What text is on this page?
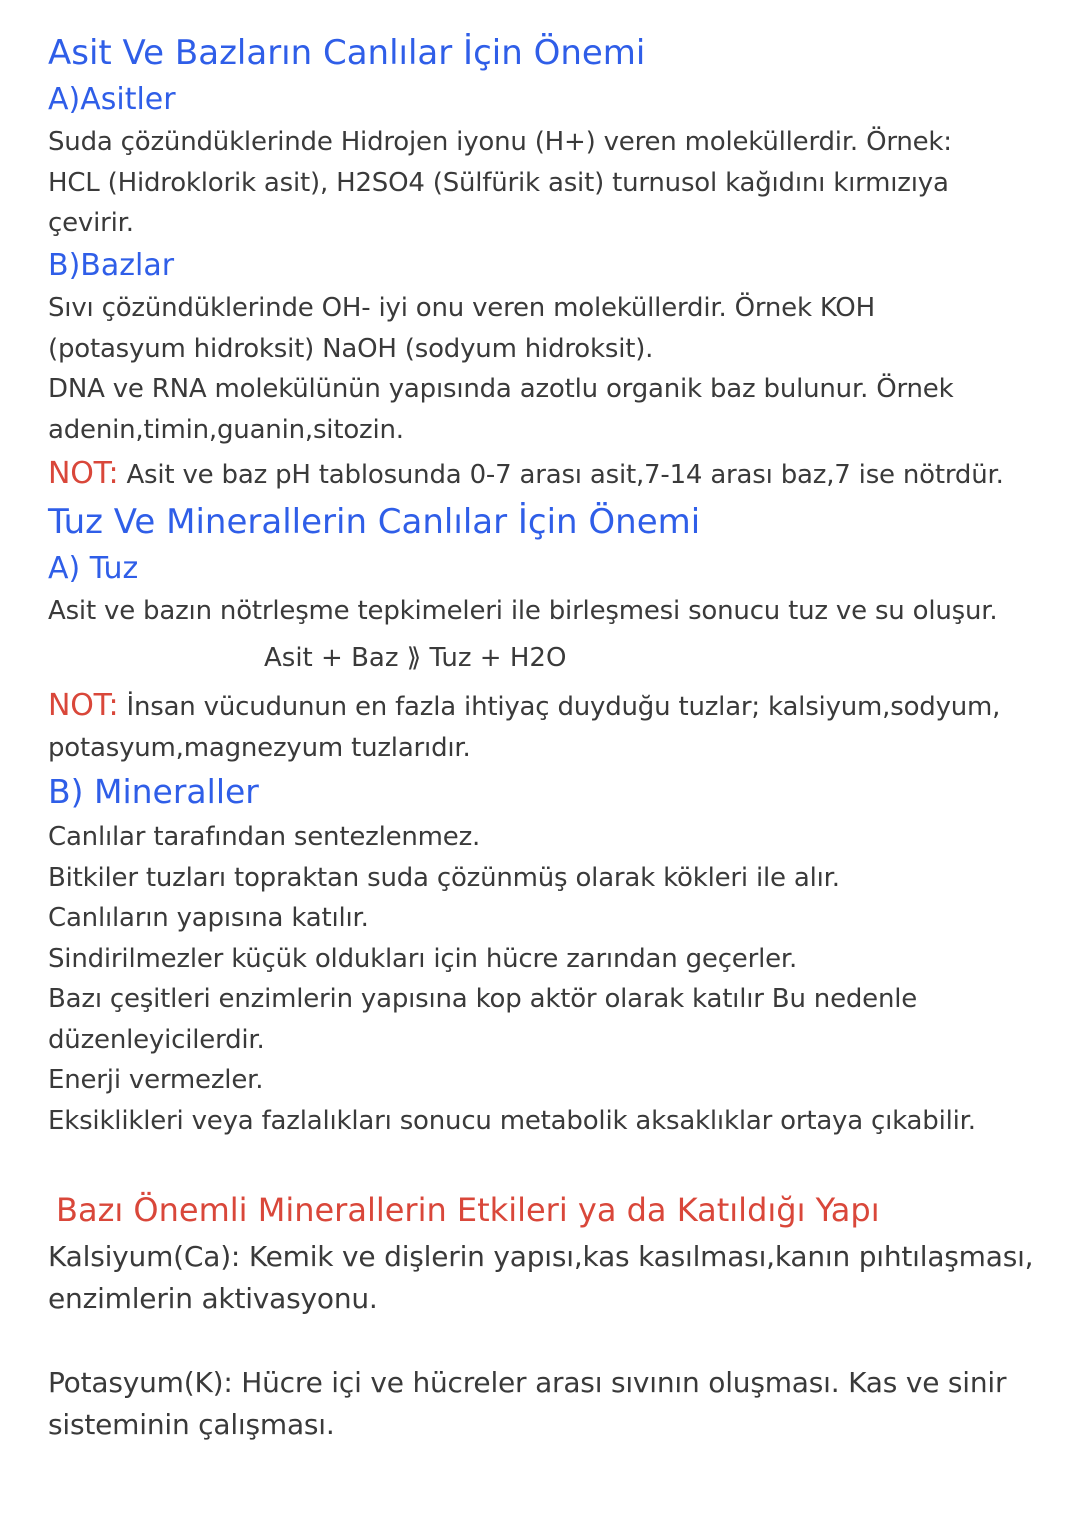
Asit Ve Bazların Canlılar İçin Önemi
A)Asitler
Suda çözündüklerinde Hidrojen iyonu (H+) veren moleküllerdir. Örnek:
HCL (Hidroklorik asit), H2SO4 (Sülfürik asit) turnusol kağıdını kırmızıya
çevirir.
B)Bazlar
Sıvı çözündüklerinde OH- iyi onu veren moleküllerdir. Örnek KOH
(potasyum hidroksit) NaOH (sodyum hidroksit).
DNA ve RNA molekülünün yapısında azotlu organik baz bulunur. Örnek
adenin,timin,guanin,sitozin.
NOT: Asit ve baz pH tablosunda 0-7 arası asit,7-14 arası baz,7 ise nötrdür.
Tuz Ve Minerallerin Canlılar İçin Önemi
A) Tuz
Asit ve bazın nötrleşme tepkimeleri ile birleşmesi sonucu tuz ve su oluşur.
Asit + Baz ⟫ Tuz + H2O
NOT: İnsan vücudunun en fazla ihtiyaç duyduğu tuzlar; kalsiyum,sodyum,
potasyum,magnezyum tuzlarıdır.
B) Mineraller
Canlılar tarafından sentezlenmez.
Bitkiler tuzları topraktan suda çözünmüş olarak kökleri ile alır.
Canlıların yapısına katılır.
Sindirilmezler küçük oldukları için hücre zarından geçerler.
Bazı çeşitleri enzimlerin yapısına kop aktör olarak katılır Bu nedenle
düzenleyicilerdir.
Enerji vermezler.
Eksiklikleri veya fazlalıkları sonucu metabolik aksaklıklar ortaya çıkabilir.
Bazı Önemli Minerallerin Etkileri ya da Katıldığı Yapı
Kalsiyum(Ca): Kemik ve dişlerin yapısı,kas kasılması,kanın pıhtılaşması,
enzimlerin aktivasyonu.
Potasyum(K): Hücre içi ve hücreler arası sıvının oluşması. Kas ve sinir
sisteminin çalışması.
